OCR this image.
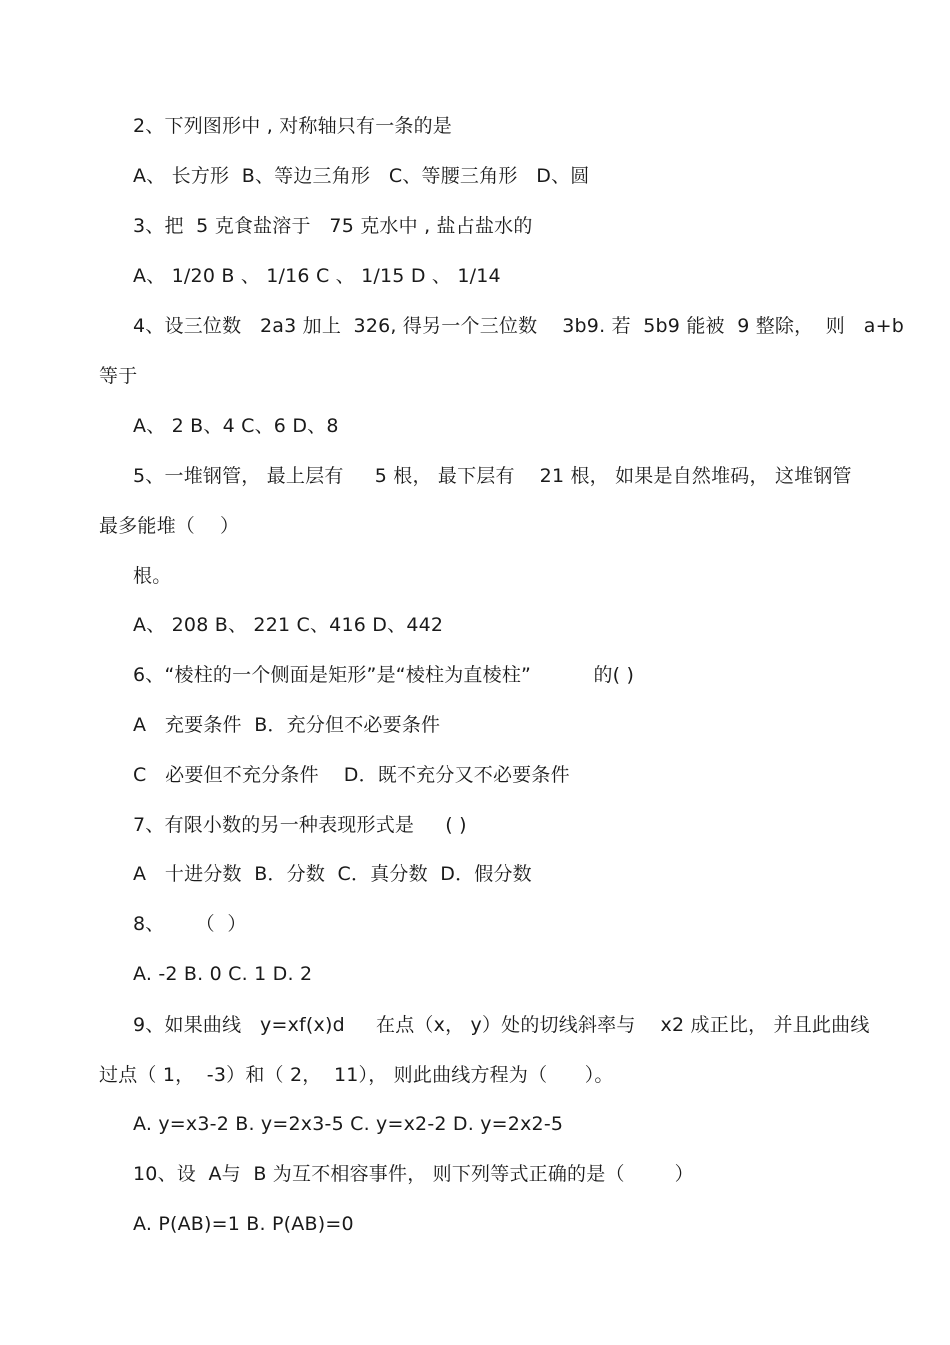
2、下列图形中 , 对称轴只有一条的是
A、 长方形  B、等边三角形   C、等腰三角形   D、圆
3、把  5 克食盐溶于   75 克水中 , 盐占盐水的
A、 1/20 B 、 1/16 C 、 1/15 D 、 1/14
4、设三位数   2a3 加上  326, 得另一个三位数    3b9. 若  5b9 能被  9 整除，  则   a+b
等于
A、 2 B、4 C、6 D、8
5、一堆钢管， 最上层有     5 根， 最下层有    21 根， 如果是自然堆码， 这堆钢管
最多能堆（    ）
根。
A、 208 B、 221 C、416 D、442
6、“棱柱的一个侧面是矩形”是“棱柱为直棱柱”          的( )
A   充要条件  B．充分但不必要条件
C   必要但不充分条件    D．既不充分又不必要条件
7、有限小数的另一种表现形式是     ( )
A   十进分数  B．分数  C．真分数  D．假分数
8、     （  ）
A. -2 B. 0 C. 1 D. 2
9、如果曲线   y=xf(x)d     在点（x， y）处的切线斜率与    x2 成正比， 并且此曲线
过点（ 1，  -3）和（ 2，  11）， 则此曲线方程为（      ）。
A. y=x3-2 B. y=2x3-5 C. y=x2-2 D. y=2x2-5
10、设  A与  B 为互不相容事件， 则下列等式正确的是（        ）
A. P(AB)=1 B. P(AB)=0
